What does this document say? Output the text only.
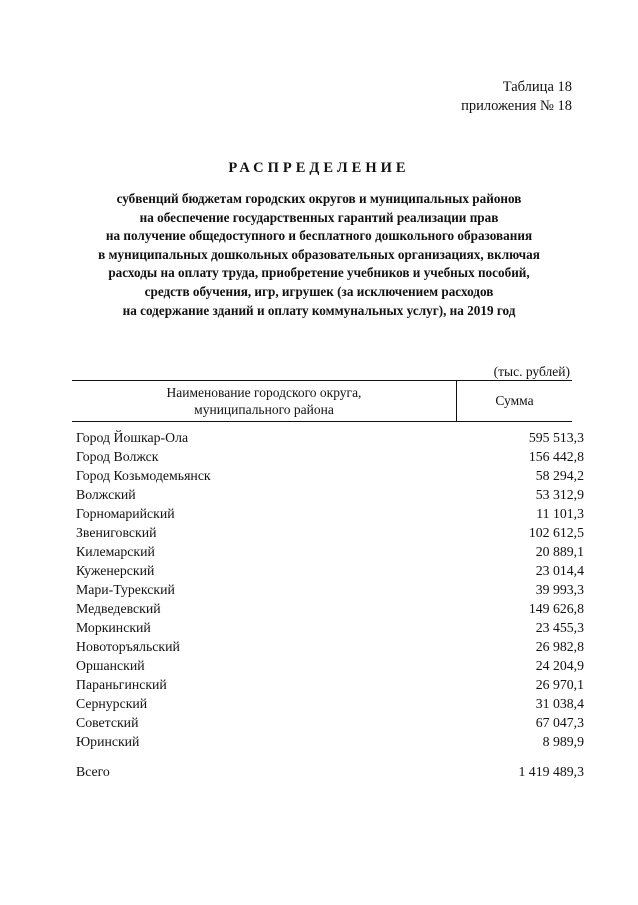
Таблица 18
приложения № 18
РАСПРЕДЕЛЕНИЕ
субвенций бюджетам городских округов и муниципальных районов
на обеспечение государственных гарантий реализации прав
на получение общедоступного и бесплатного дошкольного образования
в муниципальных дошкольных образовательных организациях, включая
расходы на оплату труда, приобретение учебников и учебных пособий,
средств обучения, игр, игрушек (за исключением расходов
на содержание зданий и оплату коммунальных услуг), на 2019 год
(тыс. рублей)
Наименование городского округа,
муниципального района
Сумма
Город Йошкар-Ола	595 513,3
Город Волжск	156 442,8
Город Козьмодемьянск	58 294,2
Волжский	53 312,9
Горномарийский	11 101,3
Звениговский	102 612,5
Килемарский	20 889,1
Куженерский	23 014,4
Мари-Турекский	39 993,3
Медведевский	149 626,8
Моркинский	23 455,3
Новоторъяльский	26 982,8
Оршанский	24 204,9
Параньгинский	26 970,1
Сернурский	31 038,4
Советский	67 047,3
Юринский	8 989,9
Всего	1 419 489,3
